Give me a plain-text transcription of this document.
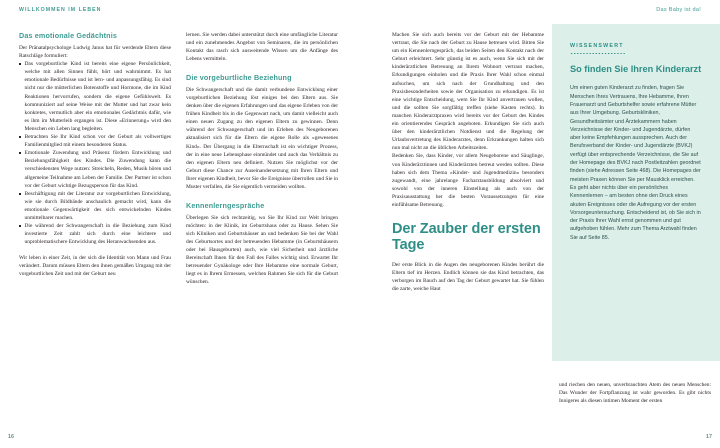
WILLKOMMEN IM LEBEN	Das Baby ist da!
Das emotionale Gedächtnis

Der Pränatalpsychologe Ludwig Janus hat für werdende Eltern diese Ratschläge formuliert:

Das vorgeburtliche Kind ist bereits eine eigene Persönlichkeit, welche mit allen Sinnen fühlt, hört und wahrnimmt. Es hat emotionale Bedürfnisse und ist lern- und anpassungsfähig. Es sind nicht nur die mütterlichen Botenstoffe und Hormone, die im Kind Reaktionen hervorrufen, sondern die eigene Gefühlswelt. Es kommuniziert auf seine Weise mit der Mutter und hat zwar kein konkretes, vermutlich aber ein emotionales Gedächtnis dafür, wie es ihm im Mutterleib ergangen ist. Diese »Erinnerung« wird den Menschen ein Leben lang begleiten.
Betrachten Sie Ihr Kind schon vor der Geburt als vollwertiges Familienmitglied mit einem besonderen Status.
Emotionale Zuwendung und Präsenz fördern Entwicklung und Beziehungsfähigkeit des Kindes. Die Zuwendung kann die verschiedensten Wege nutzen: Streicheln, Reden, Musik hören und allgemeine Teilnahme am Leben der Familie. Der Partner ist schon vor der Geburt wichtige Bezugsperson für das Kind.
Beschäftigung mit der Literatur zur vorgeburtlichen Entwicklung, wie sie durch Bildbände anschaulich gemacht wird, kann die emotionale Gegenwärtigkeit des sich entwickelnden Kindes unmittelbarer machen.
Die während der Schwangerschaft in die Beziehung zum Kind investierte Zeit zahlt sich durch eine leichtere und unproblematischere Entwicklung des Heranwachsenden aus.

Wir leben in einer Zeit, in der sich die Identität von Mann und Frau verändert. Darum müssen Eltern den ihnen gemäßen Umgang mit der vorgeburtlichen Zeit und mit der Geburt neu

lernen. Sie werden dabei unterstützt durch eine umfängliche Literatur und ein zunehmendes Angebot von Seminaren, die im persönlichen Kontakt das rasch sich ausweitende Wissen um die Anfänge des Lebens vermitteln.

Die vorgeburtliche Beziehung

Die Schwangerschaft und die damit verbundene Entwicklung einer vorgeburtlichen Beziehung löst einiges bei den Eltern aus. Sie denken über die eigenen Erfahrungen und das eigene Erleben von der frühen Kindheit bis in die Gegenwart nach, um damit vielleicht auch einen neuen Zugang zu den eigenen Eltern zu gewinnen. Denn während der Schwangerschaft und im Erleben des Neugeborenen aktualisiert sich für die Eltern die eigene Rolle als »gewesenes Kind«. Der Übergang in die Elternschaft ist ein wichtiger Prozess, der in eine neue Lebensphase einmündet und auch das Verhältnis zu den eigenen Eltern neu definiert. Nutzen Sie möglichst vor der Geburt diese Chance zur Auseinandersetzung mit Ihren Eltern und Ihrer eigenen Kindheit, bevor Sie die Ereignisse überrollen und Sie in Muster verfallen, die Sie eigentlich vermeiden wollten.

Kennenlerngespräche

Überlegen Sie sich rechtzeitig, wo Sie Ihr Kind zur Welt bringen möchten: in der Klinik, im Geburtshaus oder zu Hause. Sehen Sie sich Kliniken und Geburtshäuser an und bedenken Sie bei der Wahl des Geburtsortes und der betreuenden Hebamme (in Geburtshäusern oder bei Hausgeburten) auch, wie viel Sicherheit und ärztliche Bereitschaft Ihnen für den Fall des Falles wichtig sind. Erwartet Ihr betreuender Gynäkologe oder Ihre Hebamme eine normale Geburt, liegt es in Ihrem Ermessen, welchen Rahmen Sie sich für die Geburt wünschen.

Machen Sie sich auch bereits vor der Geburt mit der Hebamme vertraut, die Sie nach der Geburt zu Hause betreuen wird. Bitten Sie um ein Kennenlerngespräch, das beiden Seiten den Kontakt nach der Geburt erleichtert. Sehr günstig ist es auch, wenn Sie sich mit der kinderärztlichen Betreuung an Ihrem Wohnort vertraut machen, Erkundigungen einholen und die Praxis Ihrer Wahl schon einmal aufsuchen, um sich nach der Grundhaltung und den Praxisbesonderheiten sowie der Organisation zu erkundigen. Es ist eine wichtige Entscheidung, wem Sie Ihr Kind anvertrauen wollen, und die sollten Sie sorgfältig treffen (siehe Kasten rechts). In manchen Kinderarztpraxen wird bereits vor der Geburt des Kindes ein orientierendes Gespräch angeboten. Erkundigen Sie sich auch über den kinderärztlichen Notdienst und die Regelung der Urlaubsvertretung des Kinderarztes, denn Erkrankungen halten sich nun mal nicht an die üblichen Arbeitszeiten.

Bedenken Sie, dass Kinder, vor allem Neugeborene und Säuglinge, von Kinderärztinnen und Kinderärzten betreut werden sollten. Diese haben sich dem Thema »Kinder- und Jugendmedizin« besonders zugewandt, eine jahrelange Facharztausbildung absolviert und sowohl von der inneren Einstellung als auch von der Praxisausstattung her die besten Voraussetzungen für eine einfühlsame Betreuung.

Der Zauber der ersten Tage

Der erste Blick in die Augen des neugeborenen Kindes berührt die Eltern tief im Herzen. Endlich können sie das Kind betrachten, das verborgen im Bauch auf den Tag der Geburt gewartet hat. Sie fühlen die zarte, weiche Haut

WISSENSWERT
So finden Sie Ihren Kinderarzt

Um einen guten Kinderarzt zu finden, fragen Sie Menschen Ihres Vertrauens, Ihre Hebamme, Ihren Frauenarzt und Geburtshelfer sowie erfahrene Mütter aus Ihrer Umgebung. Geburtskliniken, Gesundheitsämter und Ärztekammern haben Verzeichnisse der Kinder- und Jugendärzte, dürfen aber keine Empfehlungen aussprechen. Auch der Berufsverband der Kinder- und Jugendärzte (BVKJ) verfügt über entsprechende Verzeichnisse, die Sie auf der Homepage des BVKJ nach Postleitzahlen geordnet finden (siehe Adressen Seite 468). Die Homepages der meisten Praxen können Sie per Mausklick erreichen. Es geht aber nichts über ein persönliches Kennenlernen – am besten ohne den Druck eines akuten Ereignisses oder die Aufregung vor der ersten Vorsorgeuntersuchung. Entscheidend ist, ob Sie sich in der Praxis Ihrer Wahl ernst genommen und gut aufgehoben fühlen. Mehr zum Thema Arztwahl finden Sie auf Seite 85.

und riechen den neuen, unverbrauchten Atem des neuen Menschen: Das Wunder der Fortpflanzung ist wahr geworden. Es gibt nichts Innigeres als diesen intimen Moment der ersten

16	17
